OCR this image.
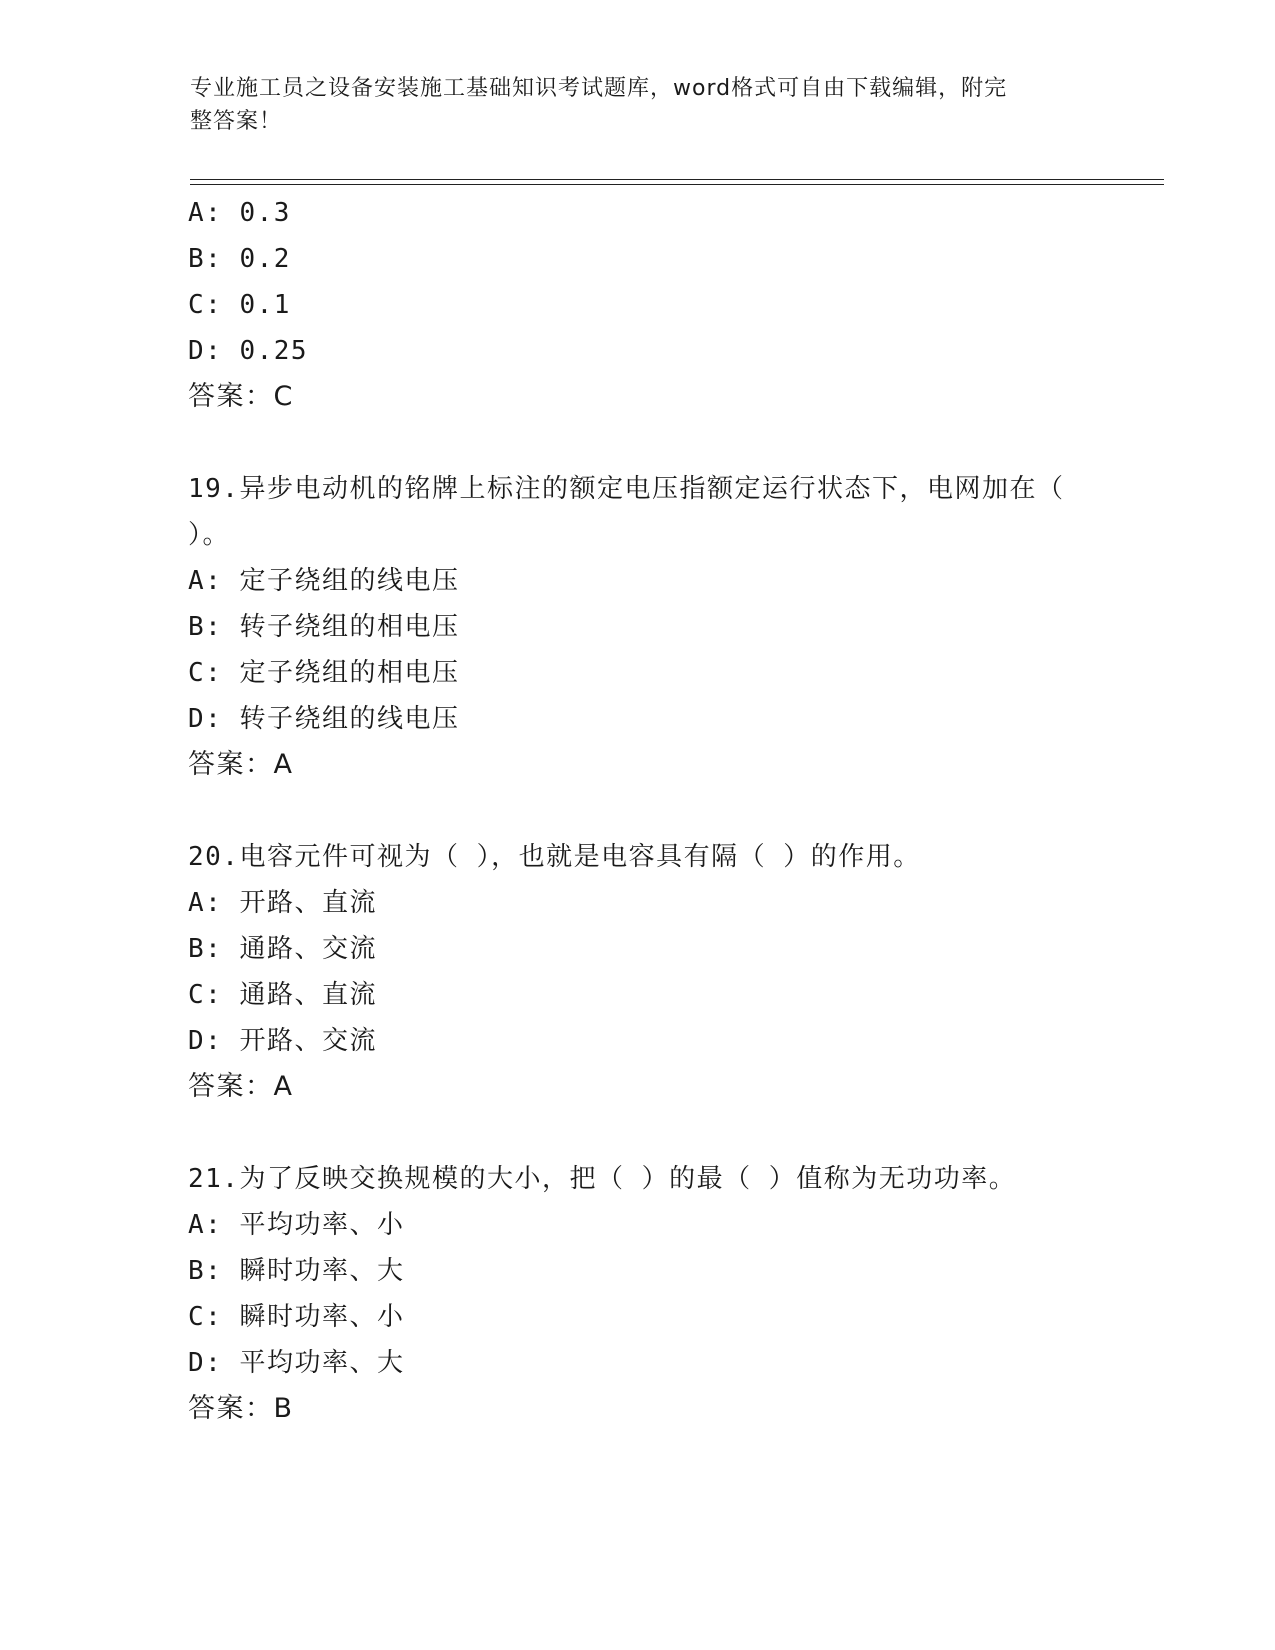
专业施工员之设备安装施工基础知识考试题库，word格式可自由下载编辑，附完
整答案！
A: 0.3
B: 0.2
C: 0.1
D: 0.25
答案：C
19.异步电动机的铭牌上标注的额定电压指额定运行状态下，电网加在（ ）。
A: 定子绕组的线电压
B: 转子绕组的相电压
C: 定子绕组的相电压
D: 转子绕组的线电压
答案：A
20.电容元件可视为（ ），也就是电容具有隔（ ）的作用。
A: 开路、直流
B: 通路、交流
C: 通路、直流
D: 开路、交流
答案：A
21.为了反映交换规模的大小，把（ ）的最（ ）值称为无功功率。
A: 平均功率、小
B: 瞬时功率、大
C: 瞬时功率、小
D: 平均功率、大
答案：B
